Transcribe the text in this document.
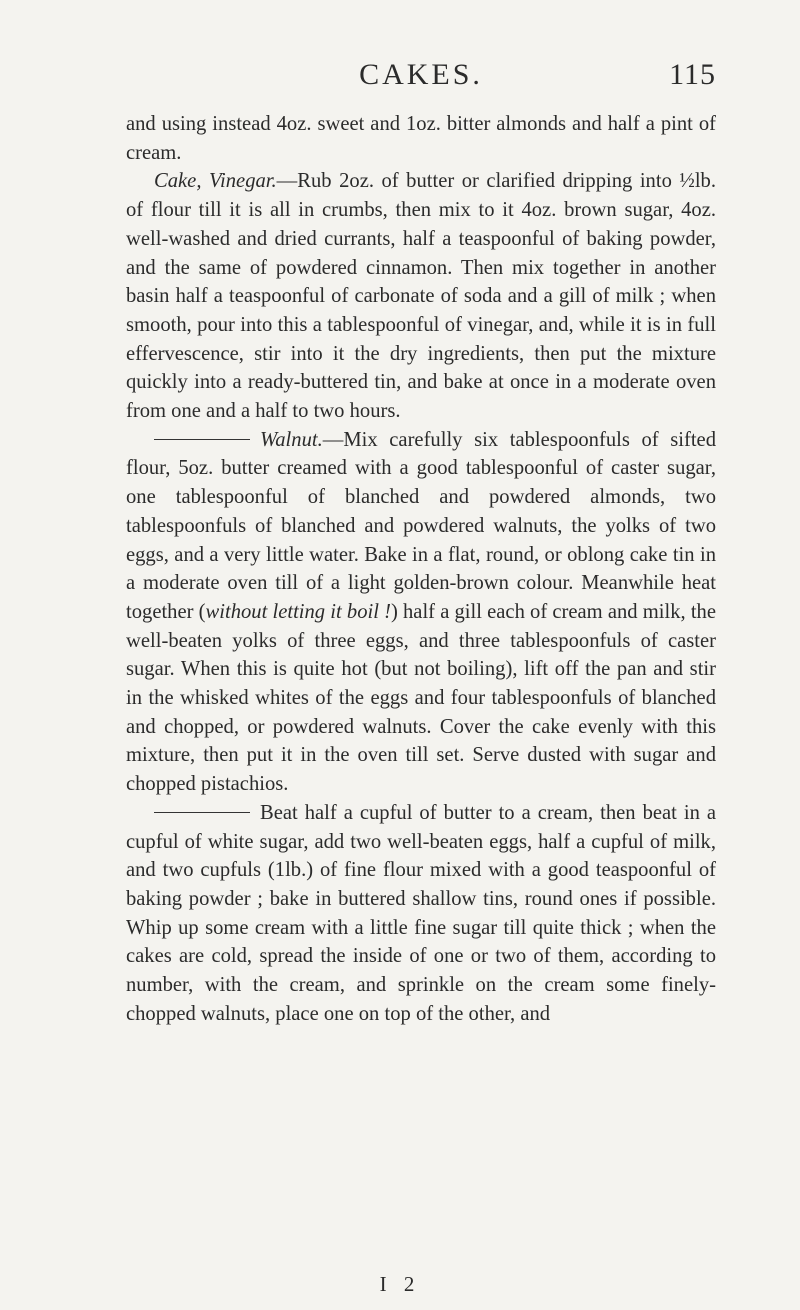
CAKES.	115

and using instead 4oz. sweet and 1oz. bitter almonds and half a pint of cream.

Cake, Vinegar.—Rub 2oz. of butter or clarified dripping into ½lb. of flour till it is all in crumbs, then mix to it 4oz. brown sugar, 4oz. well-washed and dried currants, half a teaspoonful of baking powder, and the same of powdered cinnamon. Then mix together in another basin half a teaspoonful of carbonate of soda and a gill of milk ; when smooth, pour into this a tablespoonful of vinegar, and, while it is in full effervescence, stir into it the dry ingredients, then put the mixture quickly into a ready-buttered tin, and bake at once in a moderate oven from one and a half to two hours.

Walnut.—Mix carefully six tablespoonfuls of sifted flour, 5oz. butter creamed with a good tablespoonful of caster sugar, one tablespoonful of blanched and powdered almonds, two tablespoonfuls of blanched and powdered walnuts, the yolks of two eggs, and a very little water. Bake in a flat, round, or oblong cake tin in a moderate oven till of a light golden-brown colour. Meanwhile heat together (without letting it boil !) half a gill each of cream and milk, the well-beaten yolks of three eggs, and three tablespoonfuls of caster sugar. When this is quite hot (but not boiling), lift off the pan and stir in the whisked whites of the eggs and four tablespoonfuls of blanched and chopped, or powdered walnuts. Cover the cake evenly with this mixture, then put it in the oven till set. Serve dusted with sugar and chopped pistachios.

Beat half a cupful of butter to a cream, then beat in a cupful of white sugar, add two well-beaten eggs, half a cupful of milk, and two cupfuls (1lb.) of fine flour mixed with a good teaspoonful of baking powder ; bake in buttered shallow tins, round ones if possible. Whip up some cream with a little fine sugar till quite thick ; when the cakes are cold, spread the inside of one or two of them, according to number, with the cream, and sprinkle on the cream some finely-chopped walnuts, place one on top of the other, and

I 2
